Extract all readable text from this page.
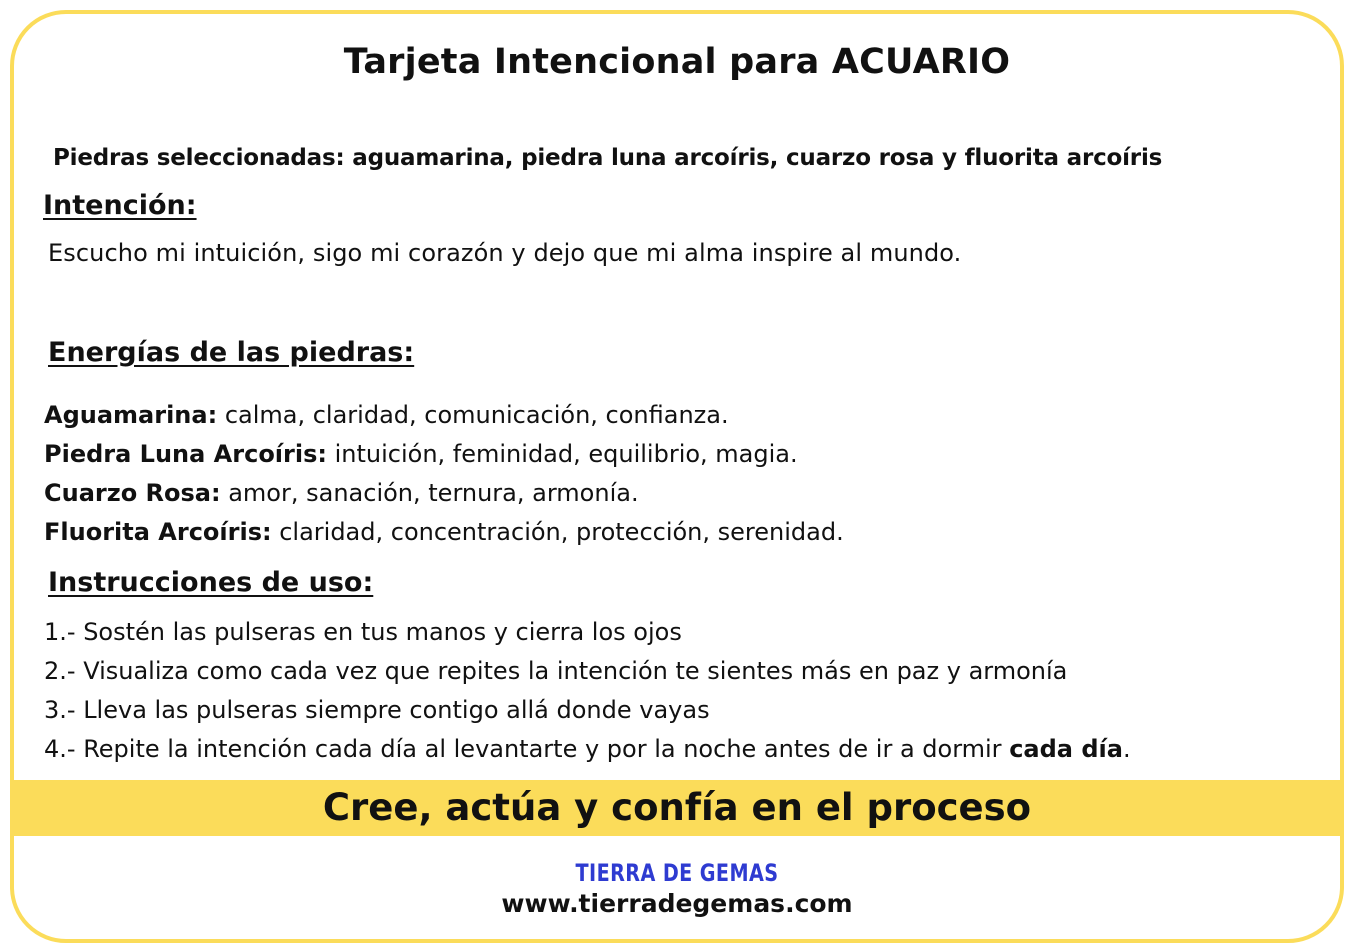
Tarjeta Intencional para ACUARIO
Piedras seleccionadas: aguamarina, piedra luna arcoíris, cuarzo rosa y fluorita arcoíris
Intención:
Escucho mi intuición, sigo mi corazón y dejo que mi alma inspire al mundo.
Energías de las piedras:
Aguamarina: calma, claridad, comunicación, confianza.
Piedra Luna Arcoíris: intuición, feminidad, equilibrio, magia.
Cuarzo Rosa: amor, sanación, ternura, armonía.
Fluorita Arcoíris: claridad, concentración, protección, serenidad.
Instrucciones de uso:
1.- Sostén las pulseras en tus manos y cierra los ojos
2.- Visualiza como cada vez que repites la intención te sientes más en paz y armonía
3.- Lleva las pulseras siempre contigo allá donde vayas
4.- Repite la intención cada día al levantarte y por la noche antes de ir a dormir cada día.
Cree, actúa y confía en el proceso
TIERRA DE GEMAS
www.tierradegemas.com
